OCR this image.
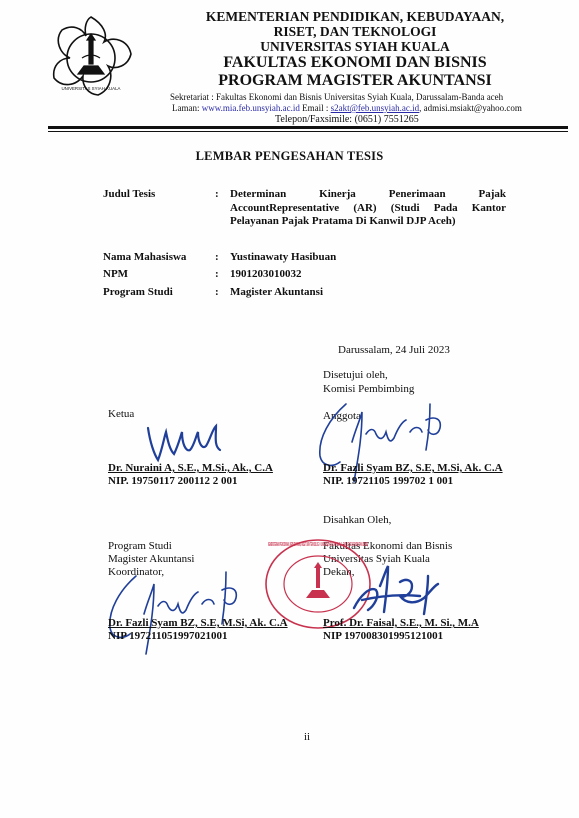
UNIVERSITAS SYIAH KUALA
KEMENTERIAN PENDIDIKAN, KEBUDAYAAN,
RISET, DAN TEKNOLOGI
UNIVERSITAS SYIAH KUALA
FAKULTAS EKONOMI DAN BISNIS
PROGRAM MAGISTER AKUNTANSI
Sekretariat : Fakultas Ekonomi dan Bisnis Universitas Syiah Kuala, Darussalam-Banda aceh
Laman: www.mia.feb.unsyiah.ac.id Email : s2akt@feb.unsyiah.ac.id, admisi.msiakt@yahoo.com
Telepon/Faxsimile: (0651) 7551265
LEMBAR PENGESAHAN TESIS
Judul Tesis	: Determinan Kinerja Penerimaan Pajak AccountRepresentative (AR) (Studi Pada Kantor Pelayanan Pajak Pratama Di Kanwil DJP Aceh)
Nama Mahasiswa	: Yustinawaty Hasibuan
NPM	: 1901203010032
Program Studi	: Magister Akuntansi
Darussalam, 24 Juli 2023
Disetujui oleh,
Komisi Pembimbing
Ketua	Anggota
Dr. Nuraini A, S.E., M.Si., Ak., C.A
NIP. 19750117 200112 2 001
Dr. Fazli Syam BZ, S.E, M.Si, Ak. C.A
NIP. 19721105 199702 1 001
Disahkan Oleh,
Program Studi
Magister Akuntansi
Koordinator,
Fakultas Ekonomi dan Bisnis
Universitas Syiah Kuala
Dekan,
KEMENTERIAN PENDIDIKAN, KEBUDAYAAN, RISET DAN TEKNOLOGI · UNIVERSITAS SYIAH KUALA · FAKULTAS EKONOMI DAN BISNIS
Dr. Fazli Syam BZ, S.E, M.Si, Ak. C.A
NIP 197211051997021001
Prof. Dr. Faisal, S.E., M. Si., M.A
NIP 197008301995121001
ii
